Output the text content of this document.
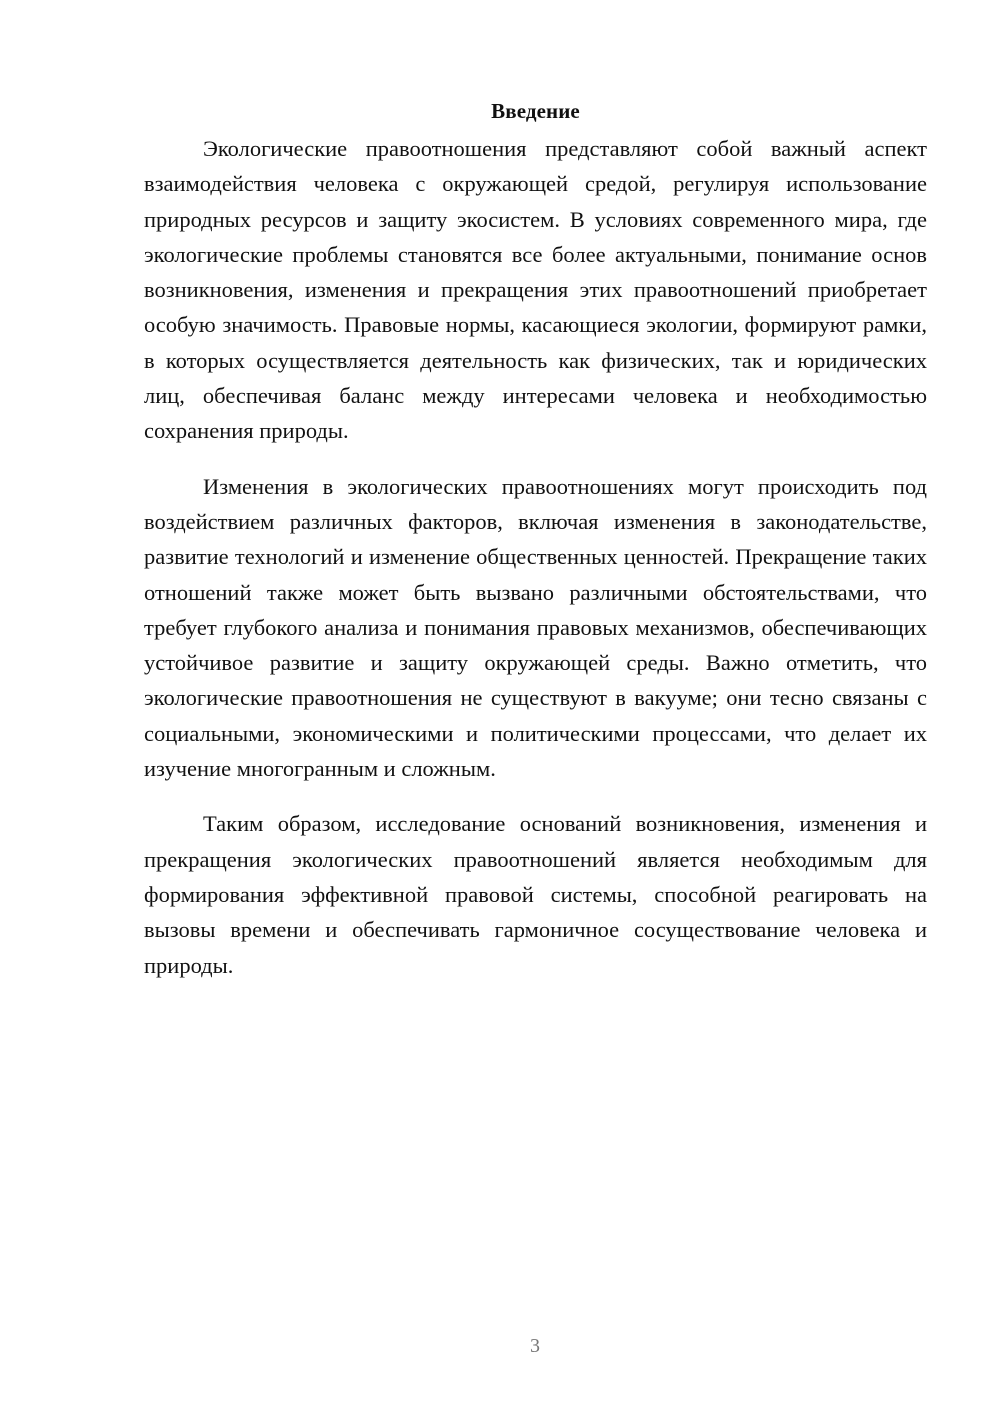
Введение

Экологические правоотношения представляют собой важный аспект взаимодействия человека с окружающей средой, регулируя использование природных ресурсов и защиту экосистем. В условиях современного мира, где экологические проблемы становятся все более актуальными, понимание основ возникновения, изменения и прекращения этих правоотношений приобретает особую значимость. Правовые нормы, касающиеся экологии, формируют рамки, в которых осуществляется деятельность как физических, так и юридических лиц, обеспечивая баланс между интересами человека и необходимостью сохранения природы.

Изменения в экологических правоотношениях могут происходить под воздействием различных факторов, включая изменения в законодательстве, развитие технологий и изменение общественных ценностей. Прекращение таких отношений также может быть вызвано различными обстоятельствами, что требует глубокого анализа и понимания правовых механизмов, обеспечивающих устойчивое развитие и защиту окружающей среды. Важно отметить, что экологические правоотношения не существуют в вакууме; они тесно связаны с социальными, экономическими и политическими процессами, что делает их изучение многогранным и сложным.

Таким образом, исследование оснований возникновения, изменения и прекращения экологических правоотношений является необходимым для формирования эффективной правовой системы, способной реагировать на вызовы времени и обеспечивать гармоничное сосуществование человека и природы.

3
